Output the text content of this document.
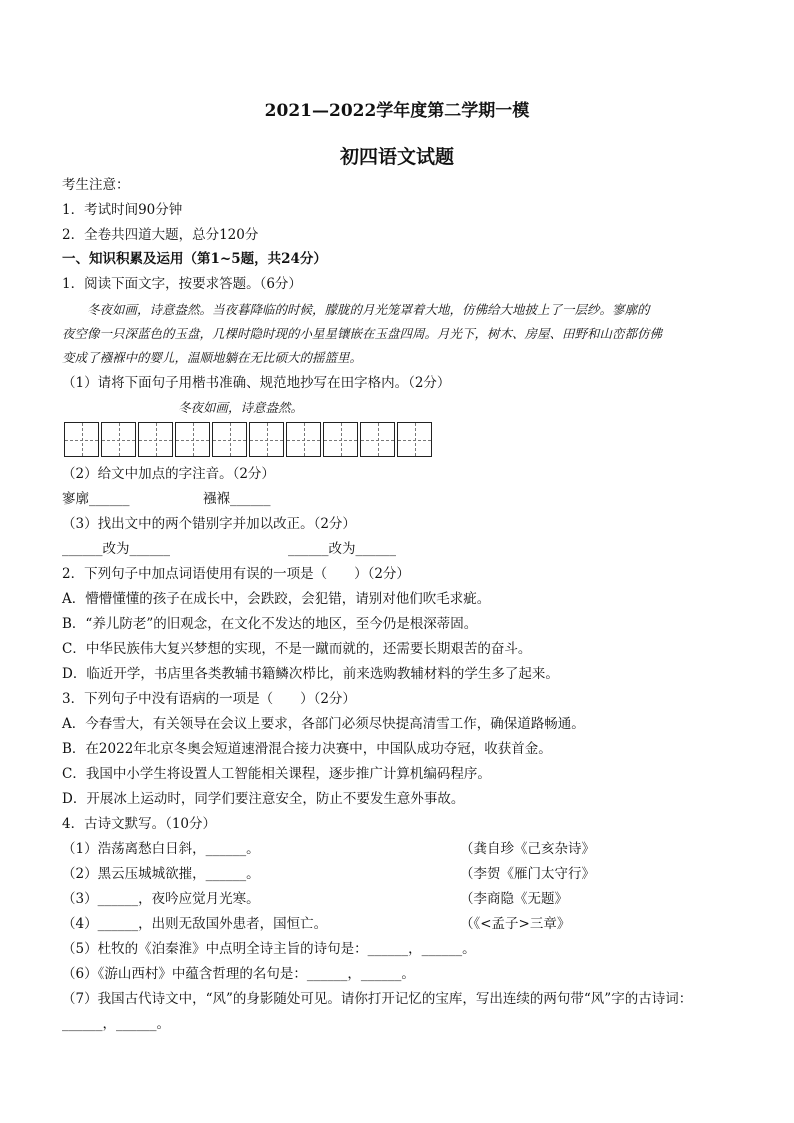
2021—2022学年度第二学期一模
初四语文试题
考生注意：
1．考试时间90分钟
2．全卷共四道大题，总分120分
一、知识积累及运用（第1~5题，共24分）
1．阅读下面文字，按要求答题。（6分）
冬夜如画，诗意盎然。当夜暮降临的时候，朦胧的月光笼罩着大地，仿佛给大地披上了一层纱。寥廓的
夜空像一只深蓝色的玉盘，几棵时隐时现的小星星镶嵌在玉盘四周。月光下，树木、房屋、田野和山峦都仿佛
变成了襁褓中的婴儿，温顺地躺在无比硕大的摇篮里。
（1）请将下面句子用楷书准确、规范地抄写在田字格内。（2分）
冬夜如画，诗意盎然。
（2）给文中加点的字注音。（2分）
寥廓______	襁褓______
（3）找出文中的两个错别字并加以改正。（2分）
______改为______	______改为______
2．下列句子中加点词语使用有误的一项是（　　）（2分）
A．懵懵懂懂的孩子在成长中，会跌跤，会犯错，请别对他们吹毛求疵。
B．“养儿防老”的旧观念，在文化不发达的地区，至今仍是根深蒂固。
C．中华民族伟大复兴梦想的实现，不是一蹴而就的，还需要长期艰苦的奋斗。
D．临近开学，书店里各类教辅书籍鳞次栉比，前来选购教辅材料的学生多了起来。
3．下列句子中没有语病的一项是（　　）（2分）
A．今春雪大，有关领导在会议上要求，各部门必须尽快提高清雪工作，确保道路畅通。
B．在2022年北京冬奥会短道速滑混合接力决赛中，中国队成功夺冠，收获首金。
C．我国中小学生将设置人工智能相关课程，逐步推广计算机编码程序。
D．开展冰上运动时，同学们要注意安全，防止不要发生意外事故。
4．古诗文默写。（10分）
（1）浩荡离愁白日斜，______。	（龚自珍《己亥杂诗》
（2）黑云压城城欲摧，______。	（李贺《雁门太守行》
（3）______，夜吟应觉月光寒。	（李商隐《无题》
（4）______，出则无敌国外患者，国恒亡。	（《<孟子>三章》
（5）杜牧的《泊秦淮》中点明全诗主旨的诗句是：______，______。
（6）《游山西村》中蕴含哲理的名句是：______，______。
（7）我国古代诗文中，“风”的身影随处可见。请你打开记忆的宝库，写出连续的两句带“风”字的古诗词：
______，______。
